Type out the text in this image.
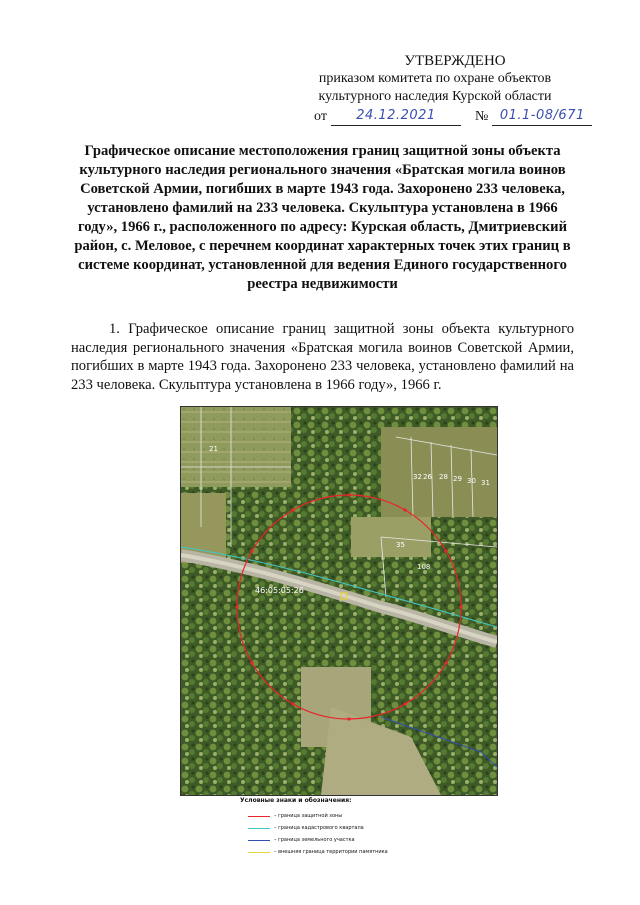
УТВЕРЖДЕНО
приказом комитета по охране объектов
культурного наследия Курской области
от	24.12.2021	№ 01.1-08/671
Графическое описание местоположения границ защитной зоны объекта культурного наследия регионального значения «Братская могила воинов Советской Армии, погибших в марте 1943 года. Захоронено 233 человека, установлено фамилий на 233 человека. Скульптура установлена в 1966 году», 1966 г., расположенного по адресу: Курская область, Дмитриевский район, с. Меловое, с перечнем координат характерных точек этих границ в системе координат, установленной для ведения Единого государственного реестра недвижимости
1. Графическое описание границ защитной зоны объекта культурного наследия регионального значения «Братская могила воинов Советской Армии, погибших в марте 1943 года. Захоронено 233 человека, установлено фамилий на 233 человека. Скульптура установлена в 1966 году», 1966 г.
21
32 26 28 29 30 31
35
108
46:05:05:26
Условные знаки и обозначения:
– граница защитной зоны
– граница кадастрового квартала
– граница земельного участка
– внешняя граница территории памятника
